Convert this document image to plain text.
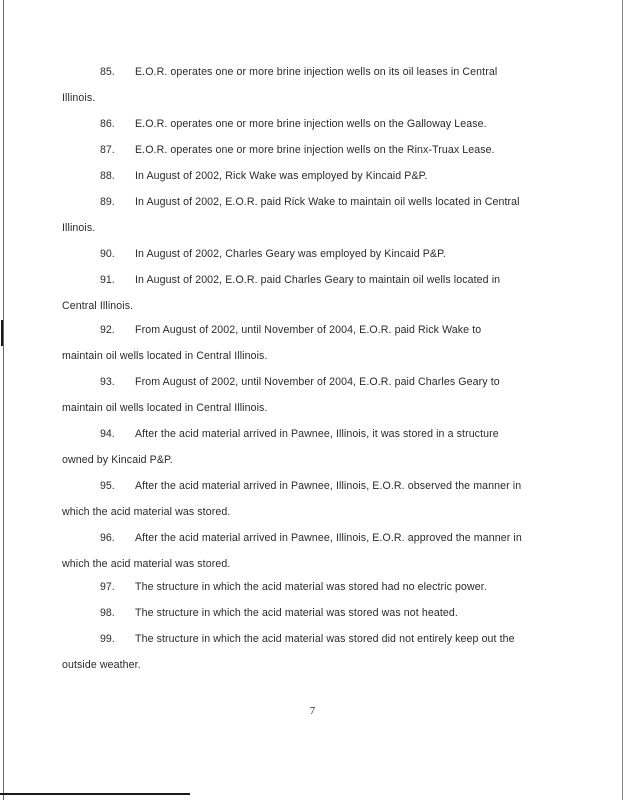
85. E.O.R. operates one or more brine injection wells on its oil leases in Central
Illinois.
86. E.O.R. operates one or more brine injection wells on the Galloway Lease.
87. E.O.R. operates one or more brine injection wells on the Rinx-Truax Lease.
88. In August of 2002, Rick Wake was employed by Kincaid P&P.
89. In August of 2002, E.O.R. paid Rick Wake to maintain oil wells located in Central
Illinois.
90. In August of 2002, Charles Geary was employed by Kincaid P&P.
91. In August of 2002, E.O.R. paid Charles Geary to maintain oil wells located in
Central Illinois.
92. From August of 2002, until November of 2004, E.O.R. paid Rick Wake to
maintain oil wells located in Central Illinois.
93. From August of 2002, until November of 2004, E.O.R. paid Charles Geary to
maintain oil wells located in Central Illinois.
94. After the acid material arrived in Pawnee, Illinois, it was stored in a structure
owned by Kincaid P&P.
95. After the acid material arrived in Pawnee, Illinois, E.O.R. observed the manner in
which the acid material was stored.
96. After the acid material arrived in Pawnee, Illinois, E.O.R. approved the manner in
which the acid material was stored.
97. The structure in which the acid material was stored had no electric power.
98. The structure in which the acid material was stored was not heated.
99. The structure in which the acid material was stored did not entirely keep out the
outside weather.
7
